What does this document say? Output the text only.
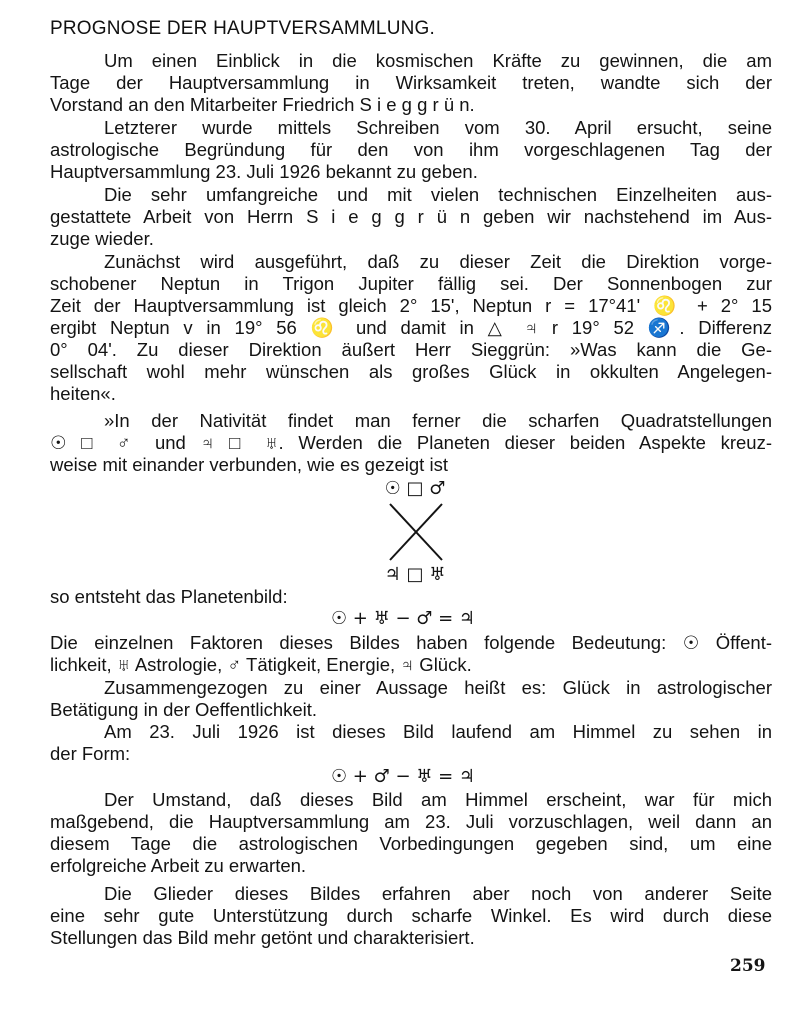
PROGNOSE DER HAUPTVERSAMMLUNG.
Um einen Einblick in die kosmischen Kräfte zu gewinnen, die am
Tage der Hauptversammlung in Wirksamkeit treten, wandte sich der
Vorstand an den Mitarbeiter Friedrich S i e g g r ü n.
Letzterer wurde mittels Schreiben vom 30. April ersucht, seine
astrologische Begründung für den von ihm vorgeschlagenen Tag der
Hauptversammlung 23. Juli 1926 bekannt zu geben.
Die sehr umfangreiche und mit vielen technischen Einzelheiten aus-
gestattete Arbeit von Herrn S i e g g r ü n geben wir nachstehend im Aus-
zuge wieder.
Zunächst wird ausgeführt, daß zu dieser Zeit die Direktion vorge-
schobener Neptun in Trigon Jupiter fällig sei. Der Sonnenbogen zur
Zeit der Hauptversammlung ist gleich 2° 15', Neptun r = 17°41' ♌ + 2° 15
ergibt Neptun v in 19° 56 ♌ und damit in △ ♃ r 19° 52 ♐. Differenz
0° 04'. Zu dieser Direktion äußert Herr Sieggrün: »Was kann die Ge-
sellschaft wohl mehr wünschen als großes Glück in okkulten Angelegen-
heiten«.
»In der Nativität findet man ferner die scharfen Quadratstellungen
☉ □ ♂ und ♃ □ ♅. Werden die Planeten dieser beiden Aspekte kreuz-
weise mit einander verbunden, wie es gezeigt ist
☉ □ ♂
♃ □ ♅
so entsteht das Planetenbild:
☉ + ♅ − ♂ = ♃
Die einzelnen Faktoren dieses Bildes haben folgende Bedeutung: ☉ Öffent-
lichkeit, ♅ Astrologie, ♂ Tätigkeit, Energie, ♃ Glück.
Zusammengezogen zu einer Aussage heißt es: Glück in astrologischer
Betätigung in der Oeffentlichkeit.
Am 23. Juli 1926 ist dieses Bild laufend am Himmel zu sehen in
der Form:
☉ + ♂ − ♅ = ♃
Der Umstand, daß dieses Bild am Himmel erscheint, war für mich
maßgebend, die Hauptversammlung am 23. Juli vorzuschlagen, weil dann an
diesem Tage die astrologischen Vorbedingungen gegeben sind, um eine
erfolgreiche Arbeit zu erwarten.
Die Glieder dieses Bildes erfahren aber noch von anderer Seite
eine sehr gute Unterstützung durch scharfe Winkel. Es wird durch diese
Stellungen das Bild mehr getönt und charakterisiert.
259
